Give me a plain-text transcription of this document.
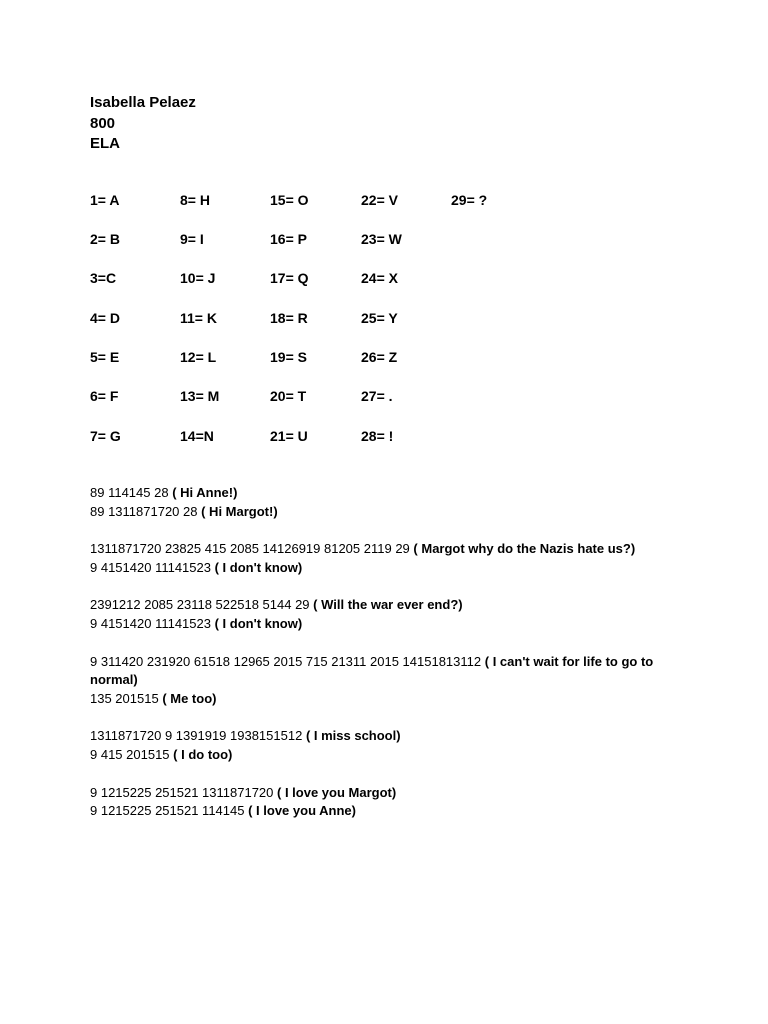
Isabella Pelaez
800
ELA
1= A	8= H	15= O	22= V	29= ?
2= B	9= I	16= P	23= W
3=C	10= J	17= Q	24= X
4= D	11= K	18= R	25= Y
5= E	12= L	19= S	26= Z
6= F	13= M	20= T	27= .
7= G	14=N	21= U	28= !
89 114145 28 ( Hi Anne!)
89 1311871720 28 ( Hi Margot!)
1311871720 23825 415 2085 14126919 81205 2119 29 ( Margot why do the Nazis hate us?)
9 4151420 11141523 ( I don't know)
2391212 2085 23118 522518 5144 29 ( Will the war ever end?)
9 4151420 11141523 ( I don't know)
9 311420 231920 61518 12965 2015 715 21311 2015 14151813112 ( I can't wait for life to go to normal)
135 201515 ( Me too)
1311871720 9 1391919 1938151512 ( I miss school)
9 415 201515 ( I do too)
9 1215225 251521 1311871720 ( I love you Margot)
9 1215225 251521 114145 ( I love you Anne)
